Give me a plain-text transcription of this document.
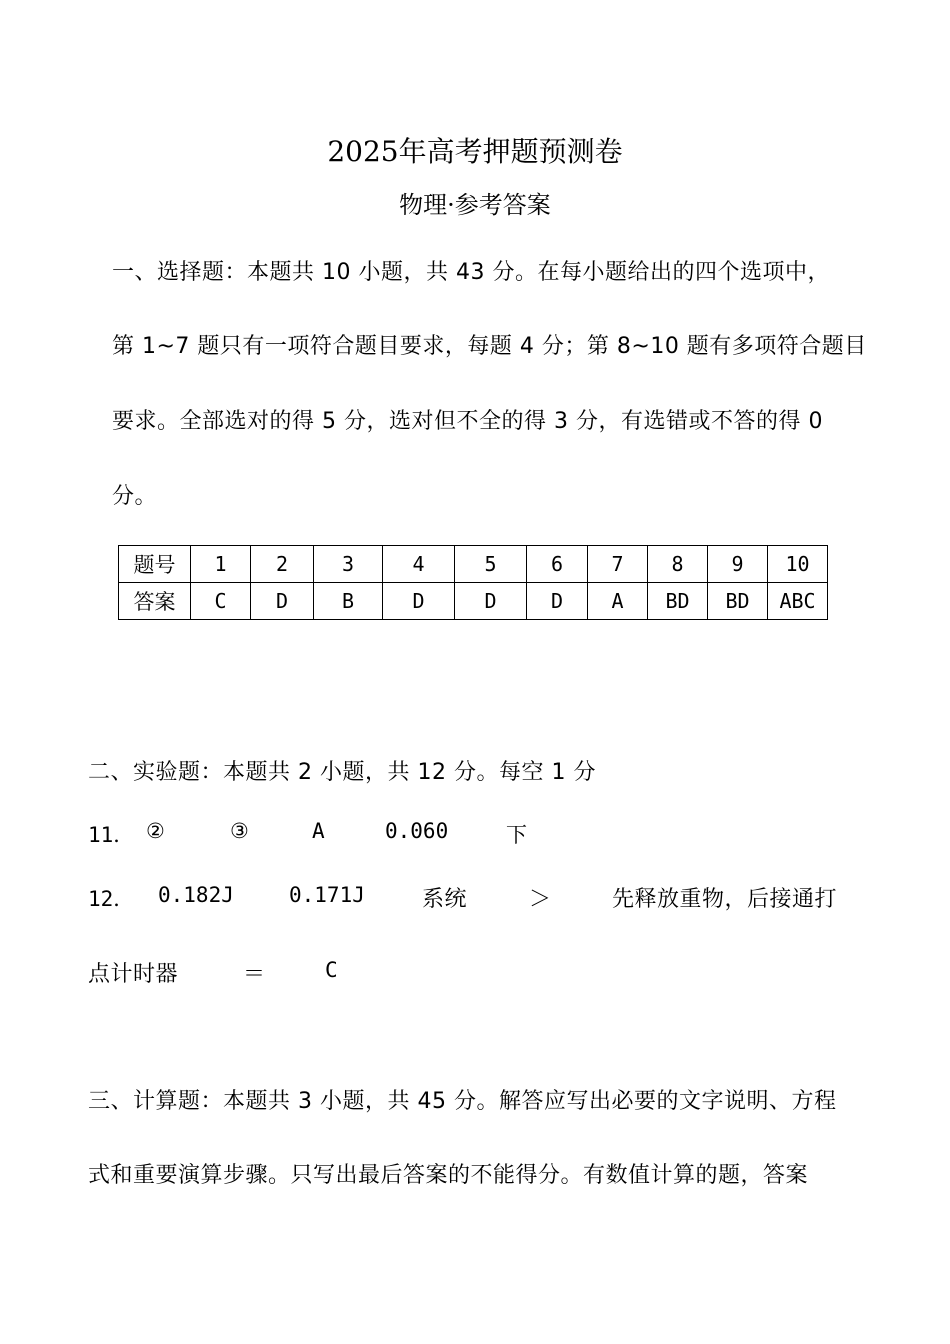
2025年高考押题预测卷
物理·参考答案
一、选择题：本题共 10 小题，共 43 分。在每小题给出的四个选项中，
第 1~7 题只有一项符合题目要求，每题 4 分；第 8~10 题有多项符合题目
要求。全部选对的得 5 分，选对但不全的得 3 分，有选错或不答的得 0
分。
题号	1	2	3	4	5	6	7	8	9	10
答案	C	D	B	D	D	D	A	BD	BD	ABC
二、实验题：本题共 2 小题，共 12 分。每空 1 分
11． ②	③	A	0.060	下
12． 0.182J	0.171J	系统	＞	先释放重物，后接通打
点计时器	＝	C
三、计算题：本题共 3 小题，共 45 分。解答应写出必要的文字说明、方程
式和重要演算步骤。只写出最后答案的不能得分。有数值计算的题，答案
